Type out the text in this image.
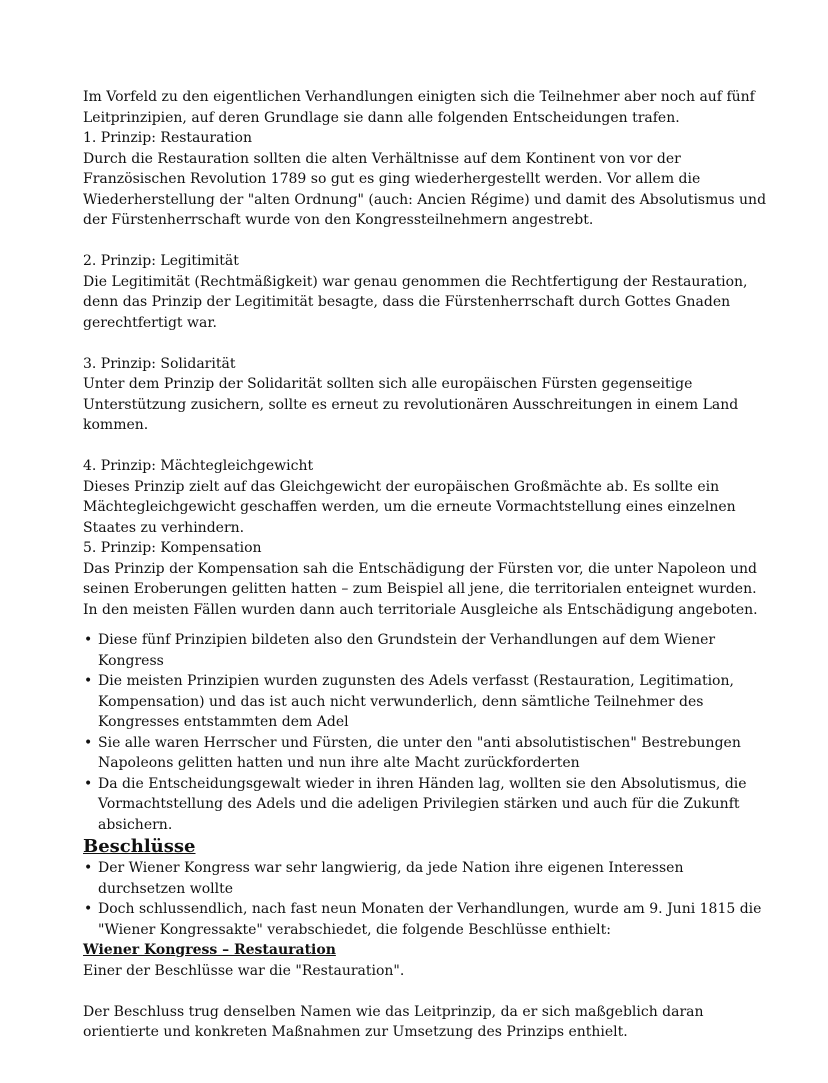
Im Vorfeld zu den eigentlichen Verhandlungen einigten sich die Teilnehmer aber noch auf fünf Leitprinzipien, auf deren Grundlage sie dann alle folgenden Entscheidungen trafen.

1. Prinzip: Restauration

Durch die Restauration sollten die alten Verhältnisse auf dem Kontinent von vor der Französischen Revolution 1789 so gut es ging wiederhergestellt werden. Vor allem die Wiederherstellung der "alten Ordnung" (auch: Ancien Régime) und damit des Absolutismus und der Fürstenherrschaft wurde von den Kongressteilnehmern angestrebt.

2. Prinzip: Legitimität

Die Legitimität (Rechtmäßigkeit) war genau genommen die Rechtfertigung der Restauration, denn das Prinzip der Legitimität besagte, dass die Fürstenherrschaft durch Gottes Gnaden gerechtfertigt war.

3. Prinzip: Solidarität

Unter dem Prinzip der Solidarität sollten sich alle europäischen Fürsten gegenseitige Unterstützung zusichern, sollte es erneut zu revolutionären Ausschreitungen in einem Land kommen.

4. Prinzip: Mächtegleichgewicht

Dieses Prinzip zielt auf das Gleichgewicht der europäischen Großmächte ab. Es sollte ein Mächtegleichgewicht geschaffen werden, um die erneute Vormachtstellung eines einzelnen Staates zu verhindern.

5. Prinzip: Kompensation

Das Prinzip der Kompensation sah die Entschädigung der Fürsten vor, die unter Napoleon und seinen Eroberungen gelitten hatten – zum Beispiel all jene, die territorialen enteignet wurden.

In den meisten Fällen wurden dann auch territoriale Ausgleiche als Entschädigung angeboten.

• Diese fünf Prinzipien bildeten also den Grundstein der Verhandlungen auf dem Wiener Kongress
• Die meisten Prinzipien wurden zugunsten des Adels verfasst (Restauration, Legitimation, Kompensation) und das ist auch nicht verwunderlich, denn sämtliche Teilnehmer des Kongresses entstammten dem Adel
• Sie alle waren Herrscher und Fürsten, die unter den "anti absolutistischen" Bestrebungen Napoleons gelitten hatten und nun ihre alte Macht zurückforderten
• Da die Entscheidungsgewalt wieder in ihren Händen lag, wollten sie den Absolutismus, die Vormachtstellung des Adels und die adeligen Privilegien stärken und auch für die Zukunft absichern.
Beschlüsse
• Der Wiener Kongress war sehr langwierig, da jede Nation ihre eigenen Interessen durchsetzen wollte
• Doch schlussendlich, nach fast neun Monaten der Verhandlungen, wurde am 9. Juni 1815 die "Wiener Kongressakte" verabschiedet, die folgende Beschlüsse enthielt:

Wiener Kongress – Restauration

Einer der Beschlüsse war die "Restauration".

Der Beschluss trug denselben Namen wie das Leitprinzip, da er sich maßgeblich daran orientierte und konkreten Maßnahmen zur Umsetzung des Prinzips enthielt.
